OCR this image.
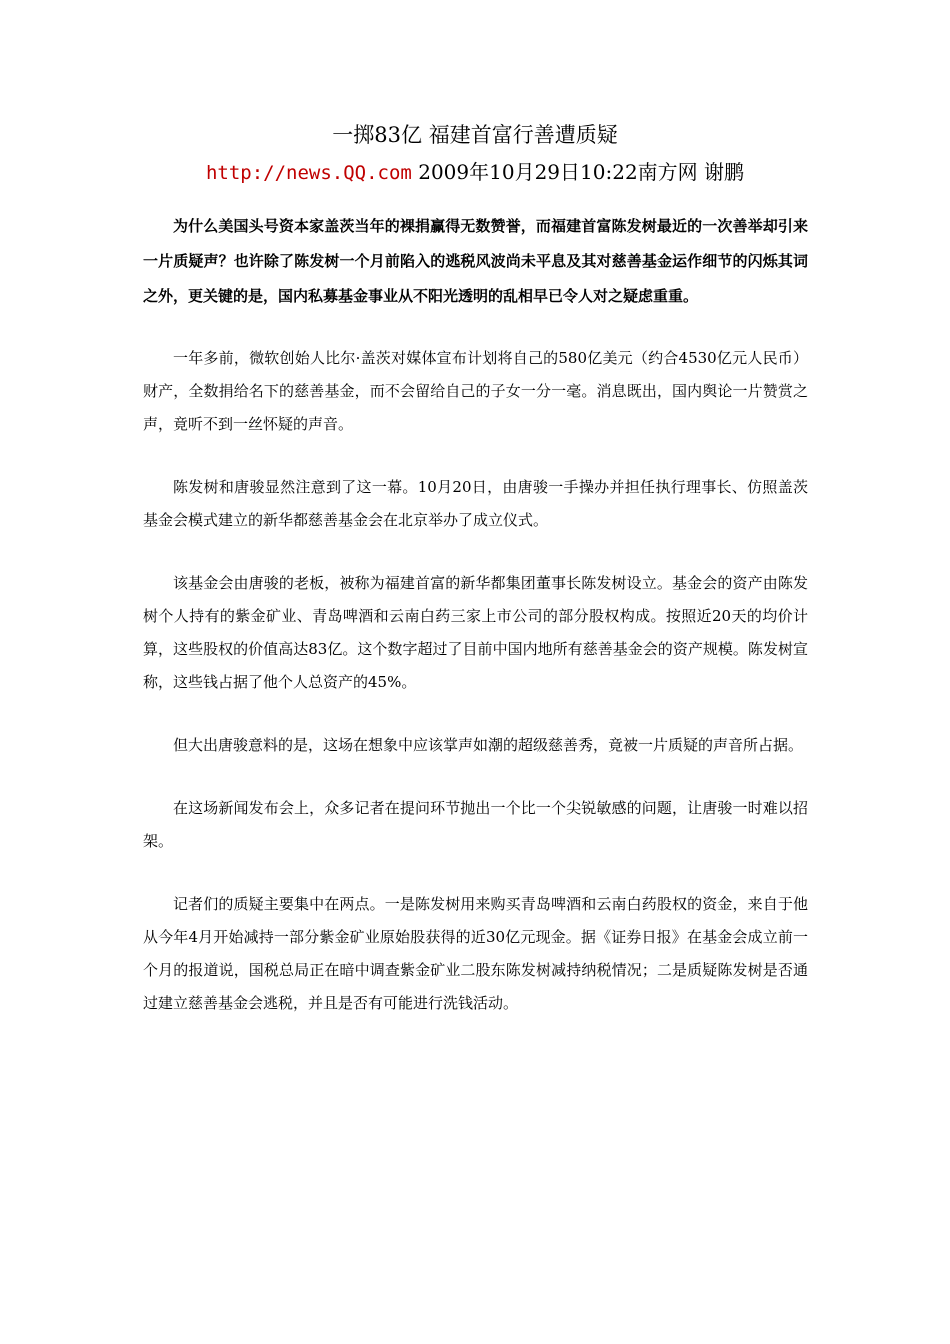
一掷83亿 福建首富行善遭质疑
http://news.QQ.com 2009年10月29日10:22南方网 谢鹏

为什么美国头号资本家盖茨当年的裸捐赢得无数赞誉，而福建首富陈发树最近的一次善举却引来一片质疑声？也许除了陈发树一个月前陷入的逃税风波尚未平息及其对慈善基金运作细节的闪烁其词之外，更关键的是，国内私募基金事业从不阳光透明的乱相早已令人对之疑虑重重。

一年多前，微软创始人比尔·盖茨对媒体宣布计划将自己的580亿美元（约合4530亿元人民币）财产，全数捐给名下的慈善基金，而不会留给自己的子女一分一毫。消息既出，国内舆论一片赞赏之声，竟听不到一丝怀疑的声音。

陈发树和唐骏显然注意到了这一幕。10月20日，由唐骏一手操办并担任执行理事长、仿照盖茨基金会模式建立的新华都慈善基金会在北京举办了成立仪式。

该基金会由唐骏的老板，被称为福建首富的新华都集团董事长陈发树设立。基金会的资产由陈发树个人持有的紫金矿业、青岛啤酒和云南白药三家上市公司的部分股权构成。按照近20天的均价计算，这些股权的价值高达83亿。这个数字超过了目前中国内地所有慈善基金会的资产规模。陈发树宣称，这些钱占据了他个人总资产的45%。

但大出唐骏意料的是，这场在想象中应该掌声如潮的超级慈善秀，竟被一片质疑的声音所占据。

在这场新闻发布会上，众多记者在提问环节抛出一个比一个尖锐敏感的问题，让唐骏一时难以招架。

记者们的质疑主要集中在两点。一是陈发树用来购买青岛啤酒和云南白药股权的资金，来自于他从今年4月开始减持一部分紫金矿业原始股获得的近30亿元现金。据《证券日报》在基金会成立前一个月的报道说，国税总局正在暗中调查紫金矿业二股东陈发树减持纳税情况；二是质疑陈发树是否通过建立慈善基金会逃税，并且是否有可能进行洗钱活动。
